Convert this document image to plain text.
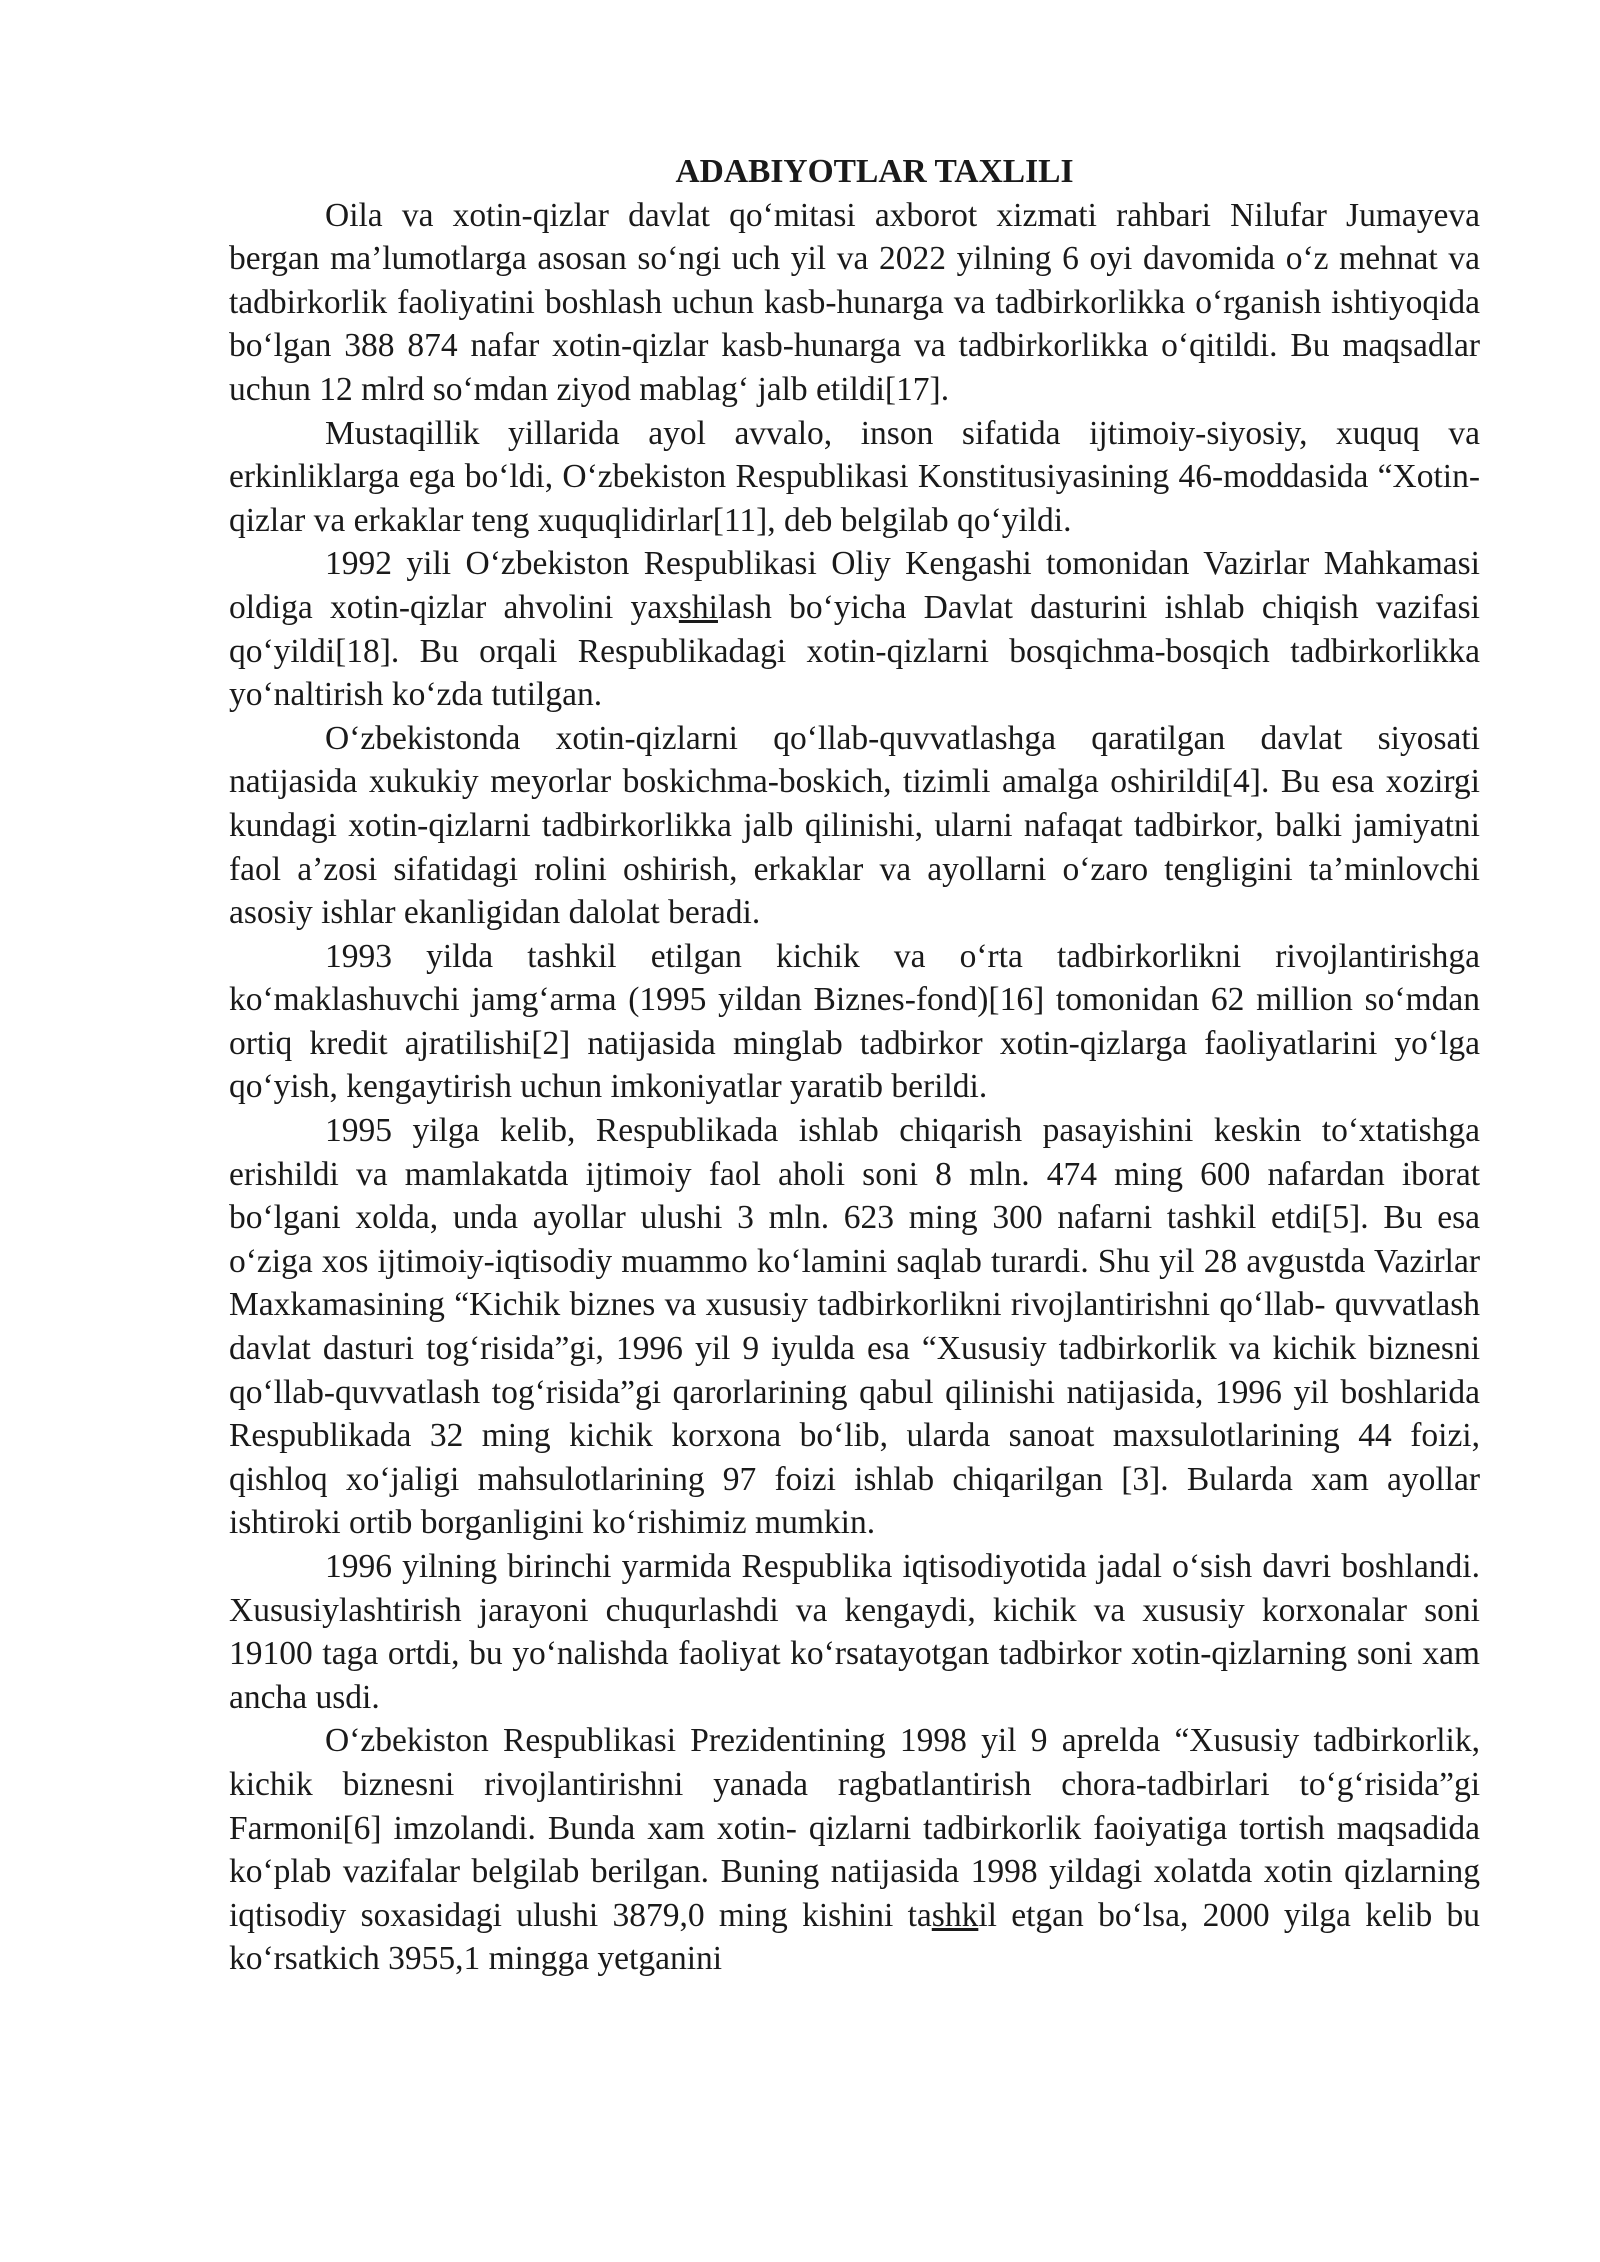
ADABIYOTLAR TAXLILI

Oila va xotin-qizlar davlat qo‘mitasi axborot xizmati rahbari Nilufar Jumayeva bergan ma’lumotlarga asosan so‘ngi uch yil va 2022 yilning 6 oyi davomida o‘z mehnat va tadbirkorlik faoliyatini boshlash uchun kasb-hunarga va tadbirkorlikka o‘rganish ishtiyoqida bo‘lgan 388 874 nafar xotin-qizlar kasb-hunarga va tadbirkorlikka o‘qitildi. Bu maqsadlar uchun 12 mlrd so‘mdan ziyod mablag‘ jalb etildi[17].

Mustaqillik yillarida ayol avvalo, inson sifatida ijtimoiy-siyosiy, xuquq va erkinliklarga ega bo‘ldi, O‘zbekiston Respublikasi Konstitusiyasining 46-moddasida “Xotin-qizlar va erkaklar teng xuquqlidirlar[11], deb belgilab qo‘yildi.

1992 yili O‘zbekiston Respublikasi Oliy Kengashi tomonidan Vazirlar Mahkamasi oldiga xotin-qizlar ahvolini yaxshilash bo‘yicha Davlat dasturini ishlab chiqish vazifasi qo‘yildi[18]. Bu orqali Respublikadagi xotin-qizlarni bosqichma-bosqich tadbirkorlikka yo‘naltirish ko‘zda tutilgan.

O‘zbekistonda xotin-qizlarni qo‘llab-quvvatlashga qaratilgan davlat siyosati natijasida xukukiy meyorlar boskichma-boskich, tizimli amalga oshirildi[4]. Bu esa xozirgi kundagi xotin-qizlarni tadbirkorlikka jalb qilinishi, ularni nafaqat tadbirkor, balki jamiyatni faol a’zosi sifatidagi rolini oshirish, erkaklar va ayollarni o‘zaro tengligini ta’minlovchi asosiy ishlar ekanligidan dalolat beradi.

1993 yilda tashkil etilgan kichik va o‘rta tadbirkorlikni rivojlantirishga ko‘maklashuvchi jamg‘arma (1995 yildan Biznes-fond)[16] tomonidan 62 million so‘mdan ortiq kredit ajratilishi[2] natijasida minglab tadbirkor xotin-qizlarga faoliyatlarini yo‘lga qo‘yish, kengaytirish uchun imkoniyatlar yaratib berildi.

1995 yilga kelib, Respublikada ishlab chiqarish pasayishini keskin to‘xtatishga erishildi va mamlakatda ijtimoiy faol aholi soni 8 mln. 474 ming 600 nafardan iborat bo‘lgani xolda, unda ayollar ulushi 3 mln. 623 ming 300 nafarni tashkil etdi[5]. Bu esa o‘ziga xos ijtimoiy-iqtisodiy muammo ko‘lamini saqlab turardi. Shu yil 28 avgustda Vazirlar Maxkamasining “Kichik biznes va xususiy tadbirkorlikni rivojlantirishni qo‘llab- quvvatlash davlat dasturi tog‘risida”gi, 1996 yil 9 iyulda esa “Xususiy tadbirkorlik va kichik biznesni qo‘llab-quvvatlash tog‘risida”gi qarorlarining qabul qilinishi natijasida, 1996 yil boshlarida Respublikada 32 ming kichik korxona bo‘lib, ularda sanoat maxsulotlarining 44 foizi, qishloq xo‘jaligi mahsulotlarining 97 foizi ishlab chiqarilgan [3]. Bularda xam ayollar ishtiroki ortib borganligini ko‘rishimiz mumkin.

1996 yilning birinchi yarmida Respublika iqtisodiyotida jadal o‘sish davri boshlandi. Xususiylashtirish jarayoni chuqurlashdi va kengaydi, kichik va xususiy korxonalar soni 19100 taga ortdi, bu yo‘nalishda faoliyat ko‘rsatayotgan tadbirkor xotin-qizlarning soni xam ancha usdi.

O‘zbekiston Respublikasi Prezidentining 1998 yil 9 aprelda “Xususiy tadbirkorlik, kichik biznesni rivojlantirishni yanada ragbatlantirish chora-tadbirlari to‘g‘risida”gi Farmoni[6] imzolandi. Bunda xam xotin- qizlarni tadbirkorlik faoiyatiga tortish maqsadida ko‘plab vazifalar belgilab berilgan. Buning natijasida 1998 yildagi xolatda xotin qizlarning iqtisodiy soxasidagi ulushi 3879,0 ming kishini tashkil etgan bo‘lsa, 2000 yilga kelib bu ko‘rsatkich 3955,1 mingga yetganini
